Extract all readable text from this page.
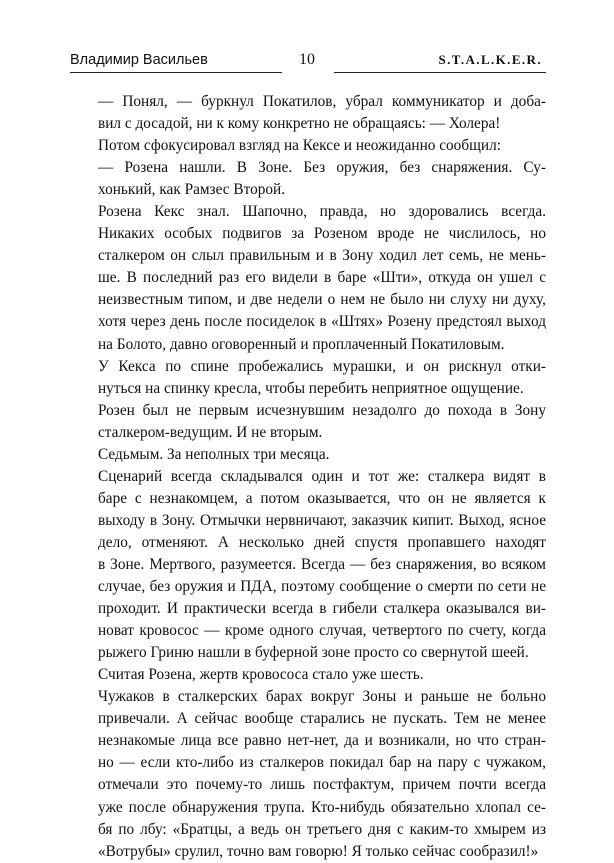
Владимир Васильев	10	S.T.A.L.K.E.R.

— Понял, — буркнул Покатилов, убрал коммуникатор и доба-
вил с досадой, ни к кому конкретно не обращаясь: — Холера!

Потом сфокусировал взгляд на Кексе и неожиданно сообщил:

— Розена нашли. В Зоне. Без оружия, без снаряжения. Су-
хонький, как Рамзес Второй.

Розена Кекс знал. Шапочно, правда, но здоровались всегда.
Никаких особых подвигов за Розеном вроде не числилось, но
сталкером он слыл правильным и в Зону ходил лет семь, не мень-
ше. В последний раз его видели в баре «Шти», откуда он ушел с
неизвестным типом, и две недели о нем не было ни слуху ни духу,
хотя через день после посиделок в «Штях» Розену предстоял выход
на Болото, давно оговоренный и проплаченный Покатиловым.

У Кекса по спине пробежались мурашки, и он рискнул отки-
нуться на спинку кресла, чтобы перебить неприятное ощущение.

Розен был не первым исчезнувшим незадолго до похода в Зону
сталкером-ведущим. И не вторым.

Седьмым. За неполных три месяца.

Сценарий всегда складывался один и тот же: сталкера видят в
баре с незнакомцем, а потом оказывается, что он не является к
выходу в Зону. Отмычки нервничают, заказчик кипит. Выход, ясное
дело, отменяют. А несколько дней спустя пропавшего находят
в Зоне. Мертвого, разумеется. Всегда — без снаряжения, во всяком
случае, без оружия и ПДА, поэтому сообщение о смерти по сети не
проходит. И практически всегда в гибели сталкера оказывался ви-
новат кровосос — кроме одного случая, четвертого по счету, когда
рыжего Гриню нашли в буферной зоне просто со свернутой шеей.

Считая Розена, жертв кровососа стало уже шесть.

Чужаков в сталкерских барах вокруг Зоны и раньше не больно
привечали. А сейчас вообще старались не пускать. Тем не менее
незнакомые лица все равно нет-нет, да и возникали, но что стран-
но — если кто-либо из сталкеров покидал бар на пару с чужаком,
отмечали это почему-то лишь постфактум, причем почти всегда
уже после обнаружения трупа. Кто-нибудь обязательно хлопал се-
бя по лбу: «Братцы, а ведь он третьего дня с каким-то хмырем из
«Вотрубы» срулил, точно вам говорю! Я только сейчас сообразил!»
